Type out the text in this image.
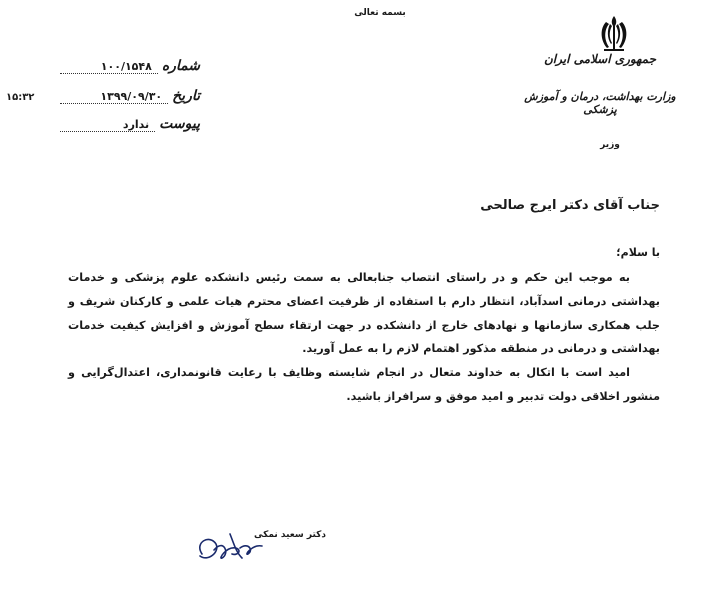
بسمه تعالی
جمهوری اسلامی ایران
وزارت بهداشت، درمان و آموزش پزشکی
وزیر
شماره
۱۰۰/۱۵۴۸
تاریخ
۱۳۹۹/۰۹/۳۰
پیوست
ندارد
۱۵:۳۲
جناب آقای دکتر ایرج صالحی
با سلام؛

به موجب این حکم و در راستای انتصاب جنابعالی به سمت رئیس دانشکده علوم پزشکی و خدمات بهداشتی درمانی اسدآباد، انتظار دارم با استفاده از ظرفیت اعضای محترم هیات علمی و کارکنان شریف و جلب همکاری سازمانها و نهادهای خارج از دانشکده در جهت ارتقاء سطح آموزش و افزایش کیفیت خدمات بهداشتی و درمانی در منطقه مذکور اهتمام لازم را به عمل آورید.

امید است با اتکال به خداوند متعال در انجام شایسته وظایف با رعایت قانونمداری، اعتدال‌گرایی و منشور اخلاقی دولت تدبیر و امید موفق و سرافراز باشید.

دکتر سعید نمکی
